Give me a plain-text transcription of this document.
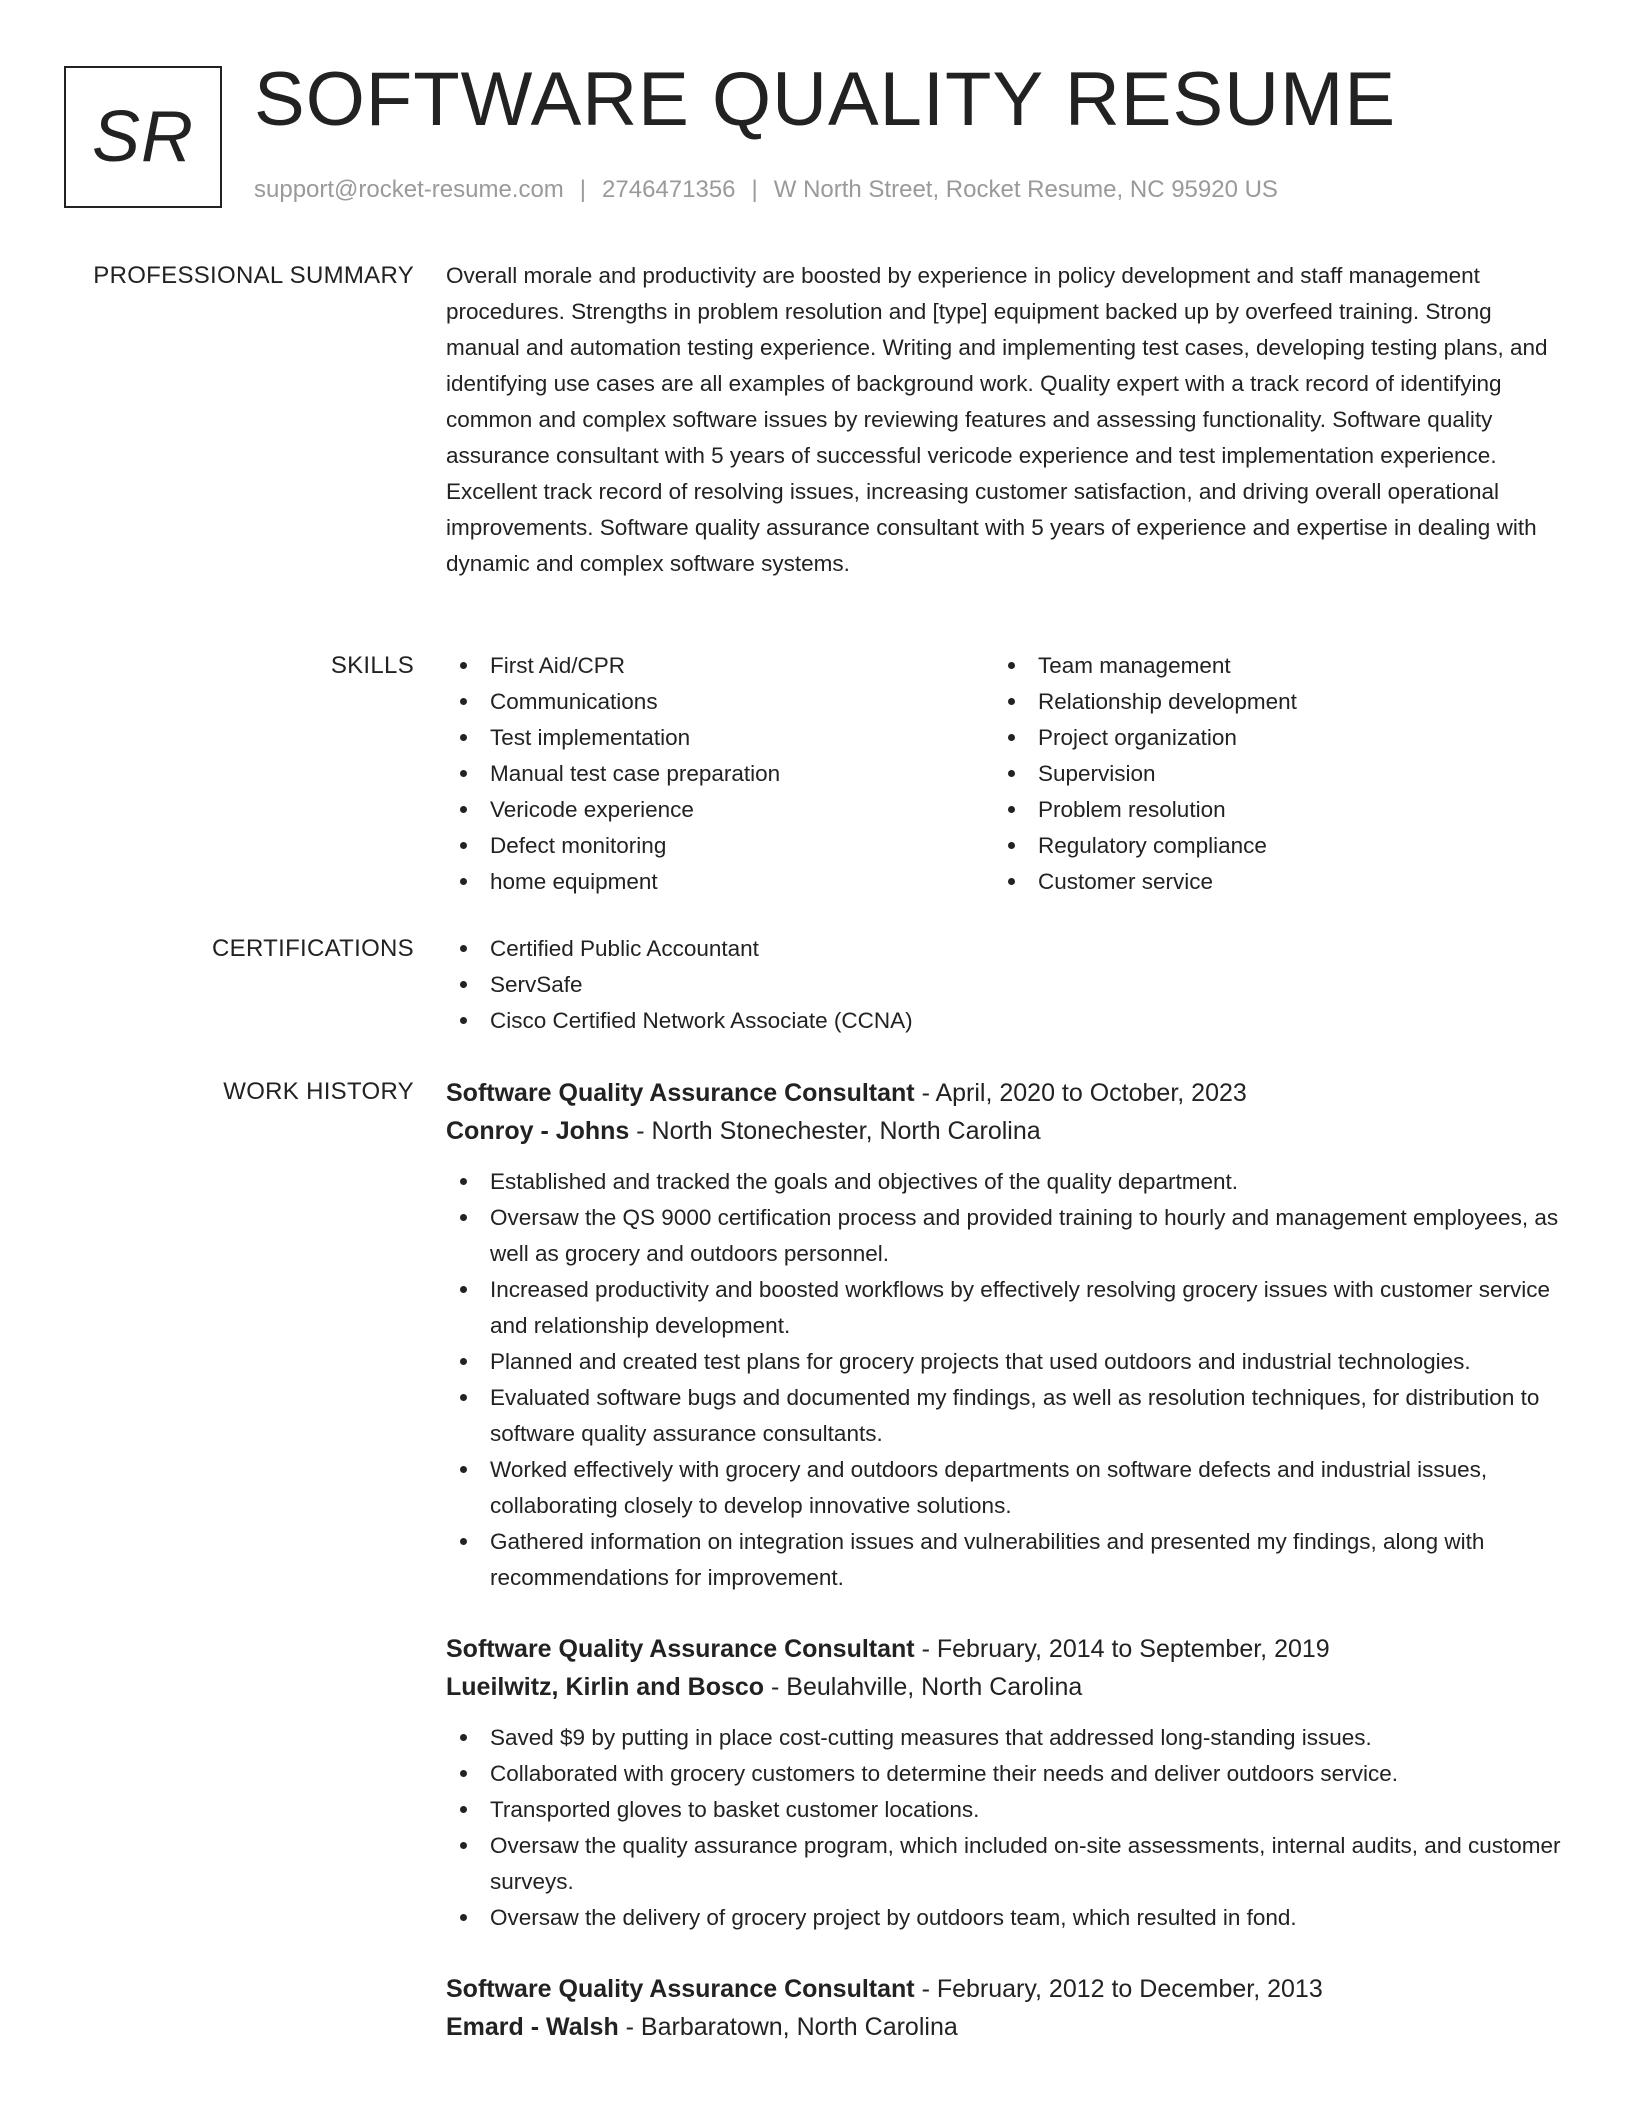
SR SOFTWARE QUALITY RESUME
support@rocket-resume.com | 2746471356 | W North Street, Rocket Resume, NC 95920 US
PROFESSIONAL SUMMARY Overall morale and productivity are boosted by experience in policy development and staff management procedures. Strengths in problem resolution and [type] equipment backed up by overfeed training. Strong manual and automation testing experience. Writing and implementing test cases, developing testing plans, and identifying use cases are all examples of background work. Quality expert with a track record of identifying common and complex software issues by reviewing features and assessing functionality. Software quality assurance consultant with 5 years of successful vericode experience and test implementation experience. Excellent track record of resolving issues, increasing customer satisfaction, and driving overall operational improvements. Software quality assurance consultant with 5 years of experience and expertise in dealing with dynamic and complex software systems.
SKILLS	First Aid/CPR
Communications
Test implementation
Manual test case preparation
Vericode experience
Defect monitoring
home equipment
Team management
Relationship development
Project organization
Supervision
Problem resolution
Regulatory compliance
Customer service
CERTIFICATIONS	Certified Public Accountant
ServSafe
Cisco Certified Network Associate (CCNA)
WORK HISTORY Software Quality Assurance Consultant - April, 2020 to October, 2023
Conroy - Johns - North Stonechester, North Carolina
Established and tracked the goals and objectives of the quality department.
Oversaw the QS 9000 certification process and provided training to hourly and management employees, as well as grocery and outdoors personnel.
Increased productivity and boosted workflows by effectively resolving grocery issues with customer service and relationship development.
Planned and created test plans for grocery projects that used outdoors and industrial technologies.
Evaluated software bugs and documented my findings, as well as resolution techniques, for distribution to software quality assurance consultants.
Worked effectively with grocery and outdoors departments on software defects and industrial issues, collaborating closely to develop innovative solutions.
Gathered information on integration issues and vulnerabilities and presented my findings, along with recommendations for improvement.
Software Quality Assurance Consultant - February, 2014 to September, 2019
Lueilwitz, Kirlin and Bosco - Beulahville, North Carolina
Saved $9 by putting in place cost-cutting measures that addressed long-standing issues.
Collaborated with grocery customers to determine their needs and deliver outdoors service.
Transported gloves to basket customer locations.
Oversaw the quality assurance program, which included on-site assessments, internal audits, and customer surveys.
Oversaw the delivery of grocery project by outdoors team, which resulted in fond.
Software Quality Assurance Consultant - February, 2012 to December, 2013
Emard - Walsh - Barbaratown, North Carolina
